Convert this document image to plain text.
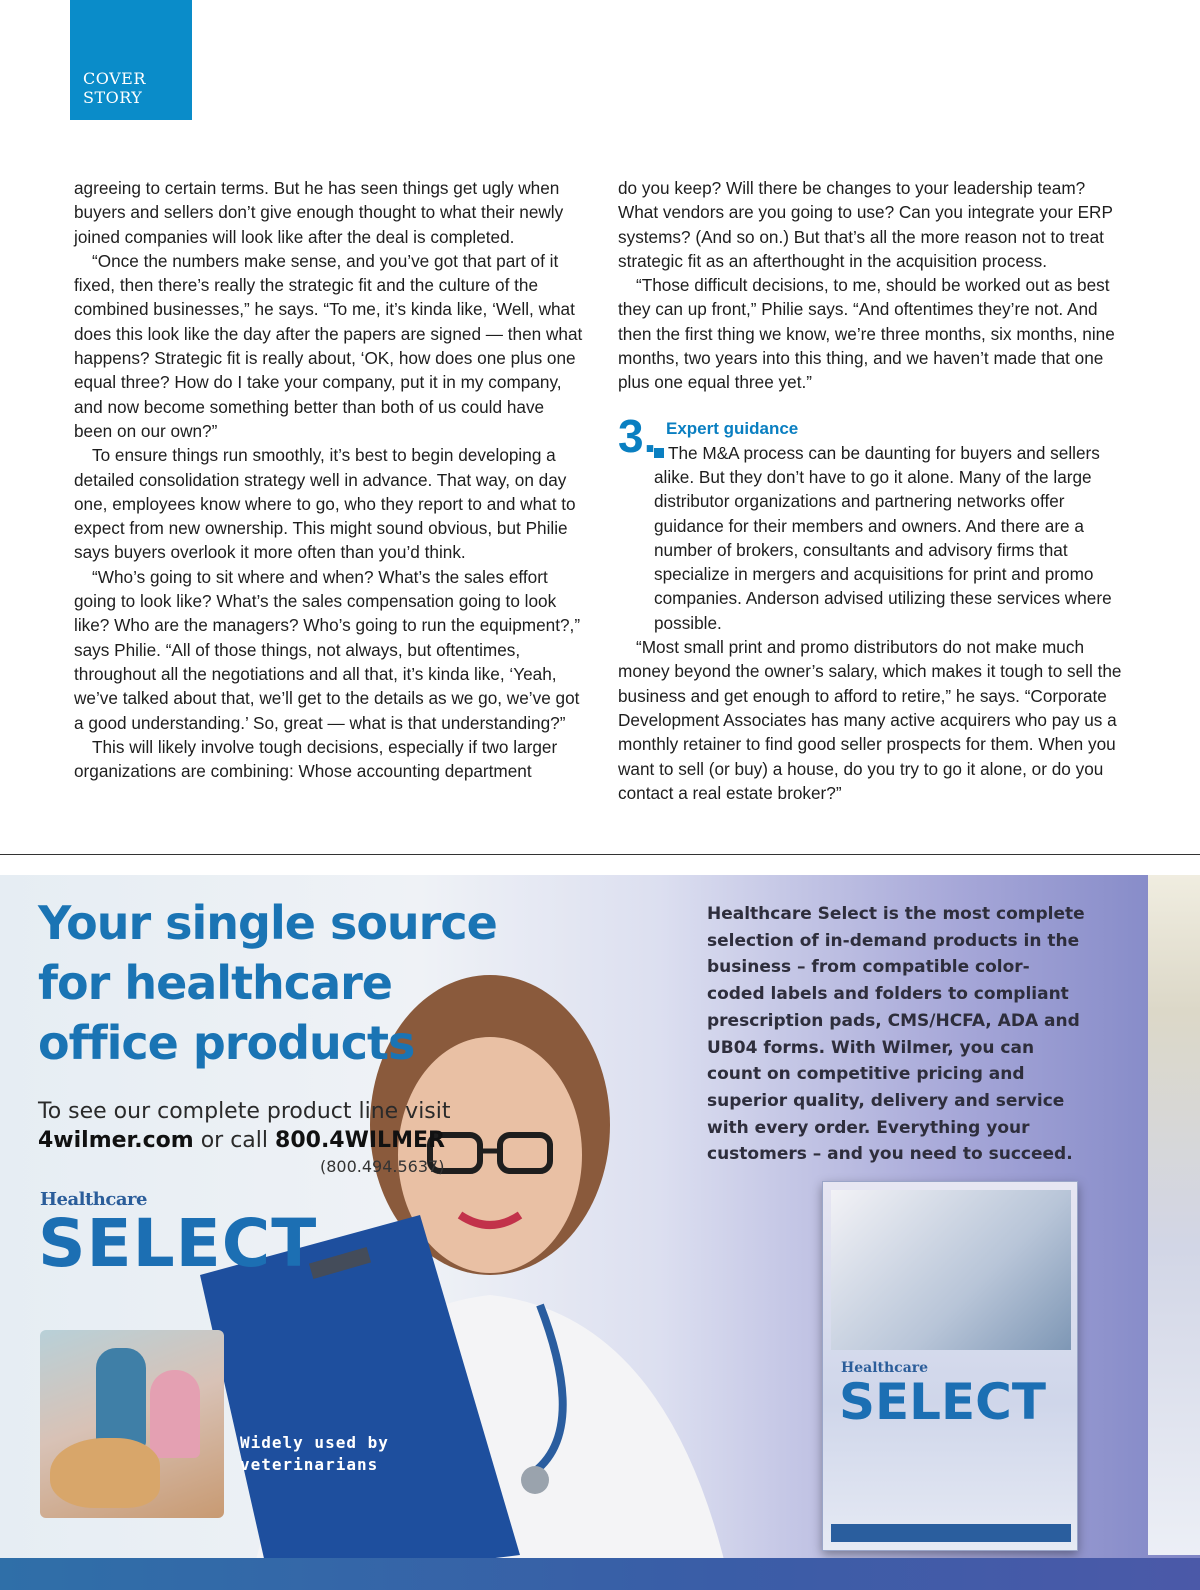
COVER
STORY

agreeing to certain terms. But he has seen things get ugly when buyers and sellers don’t give enough thought to what their newly joined companies will look like after the deal is completed.

“Once the numbers make sense, and you’ve got that part of it fixed, then there’s really the strategic fit and the culture of the combined businesses,” he says. “To me, it’s kinda like, ‘Well, what does this look like the day after the papers are signed — then what happens? Strategic fit is really about, ‘OK, how does one plus one equal three? How do I take your company, put it in my company, and now become something better than both of us could have been on our own?”

To ensure things run smoothly, it’s best to begin developing a detailed consolidation strategy well in advance. That way, on day one, employees know where to go, who they report to and what to expect from new ownership. This might sound obvious, but Philie says buyers overlook it more often than you’d think.

“Who’s going to sit where and when? What’s the sales effort going to look like? What’s the sales compensation going to look like? Who are the managers? Who’s going to run the equipment?,” says Philie. “All of those things, not always, but oftentimes, throughout all the negotiations and all that, it’s kinda like, ‘Yeah, we’ve talked about that, we’ll get to the details as we go, we’ve got a good understanding.’ So, great — what is that understanding?”

This will likely involve tough decisions, especially if two larger organizations are combining: Whose accounting department

do you keep? Will there be changes to your leadership team? What vendors are you going to use? Can you integrate your ERP systems? (And so on.) But that’s all the more reason not to treat strategic fit as an afterthought in the acquisition process.

“Those difficult decisions, to me, should be worked out as best they can up front,” Philie says. “And oftentimes they’re not. And then the first thing we know, we’re three months, six months, nine months, two years into this thing, and we haven’t made that one plus one equal three yet.”

3. Expert guidance

The M&A process can be daunting for buyers and sellers alike. But they don’t have to go it alone. Many of the large distributor organizations and partnering networks offer guidance for their members and owners. And there are a number of brokers, consultants and advisory firms that specialize in mergers and acquisitions for print and promo companies. Anderson advised utilizing these services where possible.

“Most small print and promo distributors do not make much money beyond the owner’s salary, which makes it tough to sell the business and get enough to afford to retire,” he says. “Corporate Development Associates has many active acquirers who pay us a monthly retainer to find good seller prospects for them. When you want to sell (or buy) a house, do you try to go it alone, or do you contact a real estate broker?”

Your single source
for healthcare
office products
To see our complete product line visit
4wilmer.com or call 800.4WILMER
(800.494.5637)
Healthcare
SELECT
Healthcare Select is the most complete selection of in-demand products in the business – from compatible color-coded labels and folders to compliant prescription pads, CMS/HCFA, ADA and UB04 forms. With Wilmer, you can count on competitive pricing and superior quality, delivery and service with every order. Everything your customers – and you need to succeed.
Widely used by
veterinarians
Healthcare
SELECT
